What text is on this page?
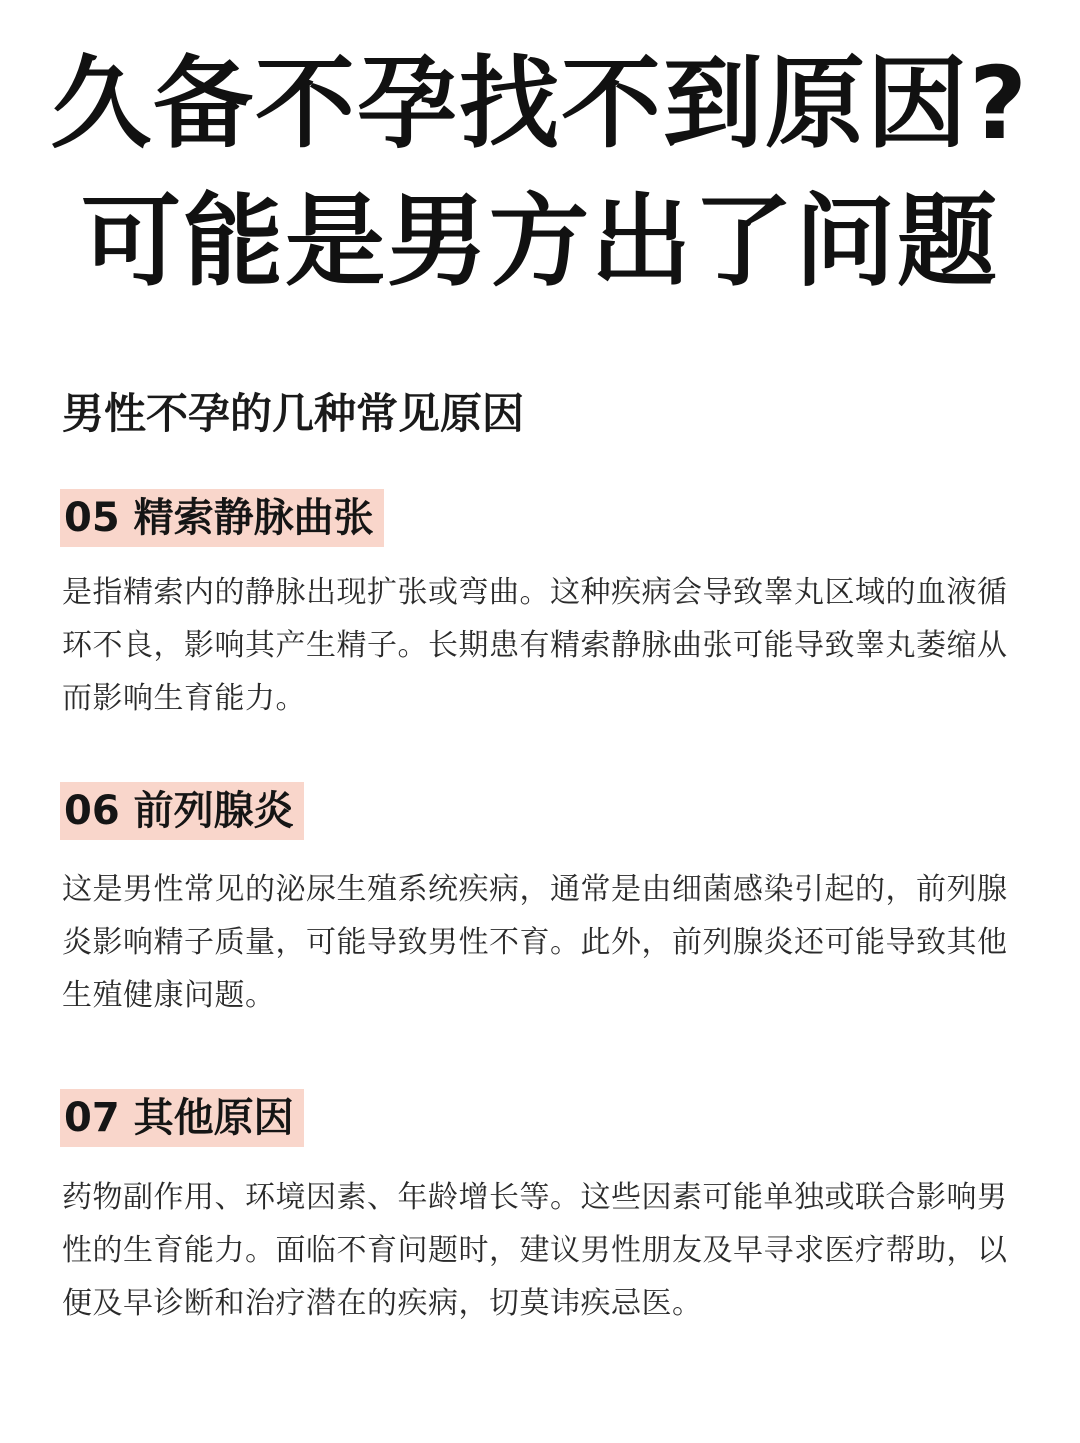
久备不孕找不到原因?
可能是男方出了问题
男性不孕的几种常见原因
05 精索静脉曲张
是指精索内的静脉出现扩张或弯曲。这种疾病会导致睾丸区域的血液循环不良，影响其产生精子。长期患有精索静脉曲张可能导致睾丸萎缩从而影响生育能力。
06 前列腺炎
这是男性常见的泌尿生殖系统疾病，通常是由细菌感染引起的，前列腺炎影响精子质量，可能导致男性不育。此外，前列腺炎还可能导致其他生殖健康问题。
07 其他原因
药物副作用、环境因素、年龄增长等。这些因素可能单独或联合影响男性的生育能力。面临不育问题时，建议男性朋友及早寻求医疗帮助，以便及早诊断和治疗潜在的疾病，切莫讳疾忌医。
